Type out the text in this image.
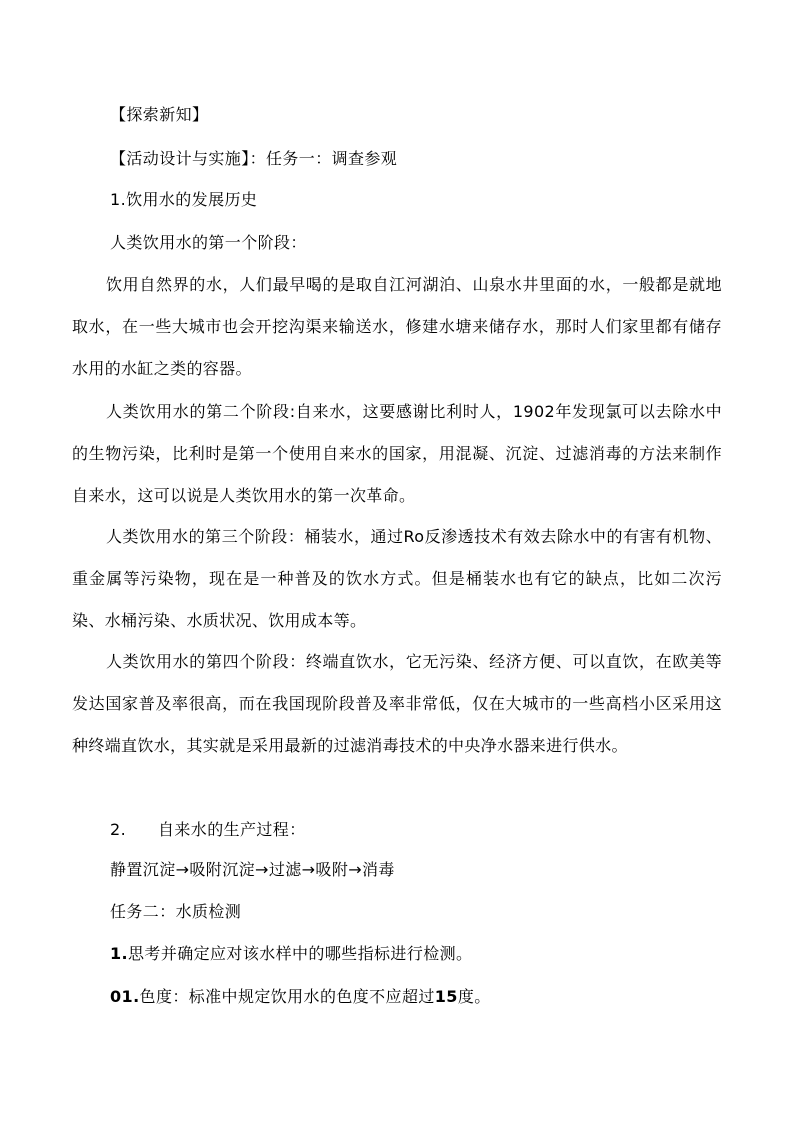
【探索新知】
【活动设计与实施】：任务一：调查参观
1.饮用水的发展历史
人类饮用水的第一个阶段：

饮用自然界的水，人们最早喝的是取自江河湖泊、山泉水井里面的水，一般都是就地取水，在一些大城市也会开挖沟渠来输送水，修建水塘来储存水，那时人们家里都有储存水用的水缸之类的容器。

人类饮用水的第二个阶段:自来水，这要感谢比利时人，1902年发现氯可以去除水中的生物污染，比利时是第一个使用自来水的国家，用混凝、沉淀、过滤消毒的方法来制作自来水，这可以说是人类饮用水的第一次革命。

人类饮用水的第三个阶段：桶装水，通过Ro反渗透技术有效去除水中的有害有机物、重金属等污染物，现在是一种普及的饮水方式。但是桶装水也有它的缺点，比如二次污染、水桶污染、水质状况、饮用成本等。

人类饮用水的第四个阶段：终端直饮水，它无污染、经济方便、可以直饮，在欧美等发达国家普及率很高，而在我国现阶段普及率非常低，仅在大城市的一些高档小区采用这种终端直饮水，其实就是采用最新的过滤消毒技术的中央净水器来进行供水。

2. 自来水的生产过程：
静置沉淀→吸附沉淀→过滤→吸附→消毒
任务二：水质检测
1.思考并确定应对该水样中的哪些指标进行检测。
01.色度：标准中规定饮用水的色度不应超过15度。
